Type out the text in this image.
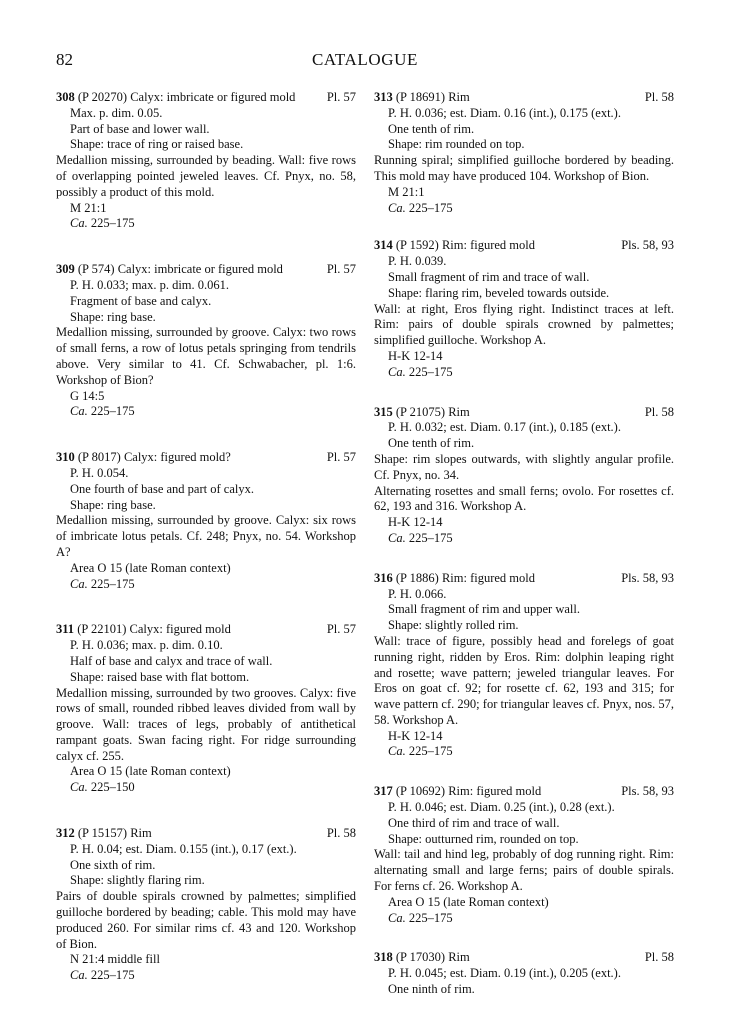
82	CATALOGUE
308 (P 20270) Calyx: imbricate or figured mold	Pl. 57
Max. p. dim. 0.05.
Part of base and lower wall.
Shape: trace of ring or raised base.
Medallion missing, surrounded by beading. Wall: five rows of overlapping pointed jeweled leaves. Cf. Pnyx, no. 58, possibly a product of this mold.
M 21:1
Ca. 225–175
309 (P 574) Calyx: imbricate or figured mold	Pl. 57
P. H. 0.033; max. p. dim. 0.061.
Fragment of base and calyx.
Shape: ring base.
Medallion missing, surrounded by groove. Calyx: two rows of small ferns, a row of lotus petals springing from tendrils above. Very similar to 41. Cf. Schwabacher, pl. 1:6. Workshop of Bion?
G 14:5
Ca. 225–175
310 (P 8017) Calyx: figured mold?	Pl. 57
P. H. 0.054.
One fourth of base and part of calyx.
Shape: ring base.
Medallion missing, surrounded by groove. Calyx: six rows of imbricate lotus petals. Cf. 248; Pnyx, no. 54. Workshop A?
Area O 15 (late Roman context)
Ca. 225–175
311 (P 22101) Calyx: figured mold	Pl. 57
P. H. 0.036; max. p. dim. 0.10.
Half of base and calyx and trace of wall.
Shape: raised base with flat bottom.
Medallion missing, surrounded by two grooves. Calyx: five rows of small, rounded ribbed leaves divided from wall by groove. Wall: traces of legs, probably of antithetical rampant goats. Swan facing right. For ridge surrounding calyx cf. 255.
Area O 15 (late Roman context)
Ca. 225–150
312 (P 15157) Rim	Pl. 58
P. H. 0.04; est. Diam. 0.155 (int.), 0.17 (ext.).
One sixth of rim.
Shape: slightly flaring rim.
Pairs of double spirals crowned by palmettes; simplified guilloche bordered by beading; cable. This mold may have produced 260. For similar rims cf. 43 and 120. Workshop of Bion.
N 21:4 middle fill
Ca. 225–175
313 (P 18691) Rim	Pl. 58
P. H. 0.036; est. Diam. 0.16 (int.), 0.175 (ext.).
One tenth of rim.
Shape: rim rounded on top.
Running spiral; simplified guilloche bordered by beading. This mold may have produced 104. Workshop of Bion.
M 21:1
Ca. 225–175
314 (P 1592) Rim: figured mold	Pls. 58, 93
P. H. 0.039.
Small fragment of rim and trace of wall.
Shape: flaring rim, beveled towards outside.
Wall: at right, Eros flying right. Indistinct traces at left. Rim: pairs of double spirals crowned by palmettes; simplified guilloche. Workshop A.
H-K 12-14
Ca. 225–175
315 (P 21075) Rim	Pl. 58
P. H. 0.032; est. Diam. 0.17 (int.), 0.185 (ext.).
One tenth of rim.
Shape: rim slopes outwards, with slightly angular profile. Cf. Pnyx, no. 34.
Alternating rosettes and small ferns; ovolo. For rosettes cf. 62, 193 and 316. Workshop A.
H-K 12-14
Ca. 225–175
316 (P 1886) Rim: figured mold	Pls. 58, 93
P. H. 0.066.
Small fragment of rim and upper wall.
Shape: slightly rolled rim.
Wall: trace of figure, possibly head and forelegs of goat running right, ridden by Eros. Rim: dolphin leaping right and rosette; wave pattern; jeweled triangular leaves. For Eros on goat cf. 92; for rosette cf. 62, 193 and 315; for wave pattern cf. 290; for triangular leaves cf. Pnyx, nos. 57, 58. Workshop A.
H-K 12-14
Ca. 225–175
317 (P 10692) Rim: figured mold	Pls. 58, 93
P. H. 0.046; est. Diam. 0.25 (int.), 0.28 (ext.).
One third of rim and trace of wall.
Shape: outturned rim, rounded on top.
Wall: tail and hind leg, probably of dog running right. Rim: alternating small and large ferns; pairs of double spirals. For ferns cf. 26. Workshop A.
Area O 15 (late Roman context)
Ca. 225–175
318 (P 17030) Rim	Pl. 58
P. H. 0.045; est. Diam. 0.19 (int.), 0.205 (ext.).
One ninth of rim.
